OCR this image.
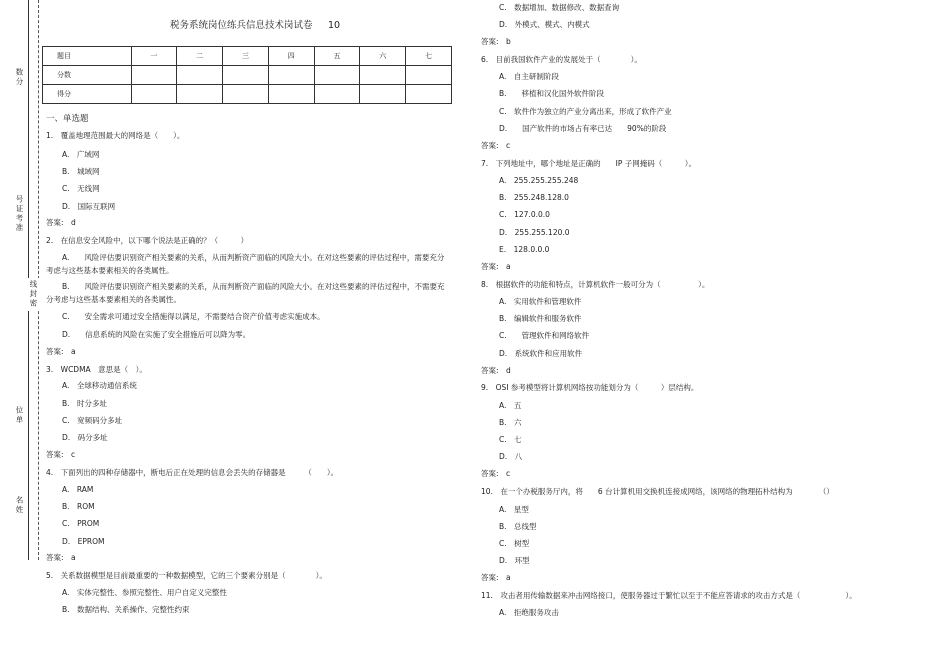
数分
号证考准
线封密
位单
名姓
税务系统岗位练兵信息技术岗试卷 10
题目	一	二	三	四	五	六	七
分数							
得分							
一、单选题
1.　覆盖地理范围最大的网络是（　　）。
A.　广域网
B.　城域网
C.　无线网
D.　国际互联网
答案:　d
2.　在信息安全风险中，以下哪个说法是正确的？（　　　）
A.　　风险评估要识别资产相关要素的关系，从而判断资产面临的风险大小。在对这些要素的评估过程中，需要充分考虑与这些基本要素相关的各类属性。
B.　　风险评估要识别资产相关要素的关系，从而判断资产面临的风险大小。在对这些要素的评估过程中，不需要充分考虑与这些基本要素相关的各类属性。
C.　　安全需求可通过安全措施得以满足，不需要结合资产价值考虑实施成本。
D.　　信息系统的风险在实施了安全措施后可以降为零。
答案:　a
3.　WCDMA　意思是（　）。
A.　全球移动通信系统
B.　时分多址
C.　宽频码分多址
D.　码分多址
答案:　c
4.　下面列出的四种存储器中，断电后正在处理的信息会丢失的存储器是　　　（　　）。
A.　RAM
B.　ROM
C.　PROM
D.　EPROM
答案:　a
5.　关系数据模型是目前最重要的一种数据模型，它的三个要素分别是（　　　　）。
A.　实体完整性、参照完整性、用户自定义完整性
B.　数据结构、关系操作、完整性约束
C.　数据增加、数据修改、数据查询
D.　外模式、模式、内模式
答案:　b
6.　目前我国软件产业的发展处于（　　　　）。
A.　自主研制阶段
B.　　移植和汉化国外软件阶段
C.　软件作为独立的产业分离出来，形成了软件产业
D.　　国产软件的市场占有率已达　　90%的阶段
答案:　c
7.　下列地址中，哪个地址是正确的　　IP 子网掩码（　　　）。
A.　255.255.255.248
B.　255.248.128.0
C.　127.0.0.0
D.　255.255.120.0
E.　128.0.0.0
答案:　a
8.　根据软件的功能和特点，计算机软件一般可分为（　　　　　）。
A.　实用软件和管理软件
B.　编辑软件和服务软件
C.　　管理软件和网络软件
D.　系统软件和应用软件
答案:　d
9.　OSI 参考模型将计算机网络按功能划分为（　　　）层结构。
A.　五
B.　六
C.　七
D.　八
答案:　c
10.　在一个办税服务厅内，将　　6 台计算机用交换机连接成网络，该网络的物理拓朴结构为　　　　（）
A.　星型
B.　总线型
C.　树型
D.　环型
答案:　a
11.　攻击者用传输数据来冲击网络接口，使服务器过于繁忙以至于不能应答请求的攻击方式是（　　　　　　）。
A.　拒绝服务攻击
